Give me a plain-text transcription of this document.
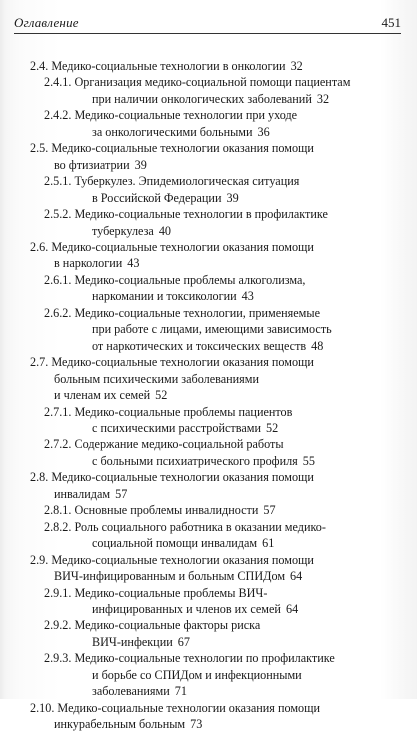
Оглавление	451
2.4. Медико-социальные технологии в онкологии 32
2.4.1. Организация медико-социальной помощи пациентам
при наличии онкологических заболеваний 32
2.4.2. Медико-социальные технологии при уходе
за онкологическими больными 36
2.5. Медико-социальные технологии оказания помощи
во фтизиатрии 39
2.5.1. Туберкулез. Эпидемиологическая ситуация
в Российской Федерации 39
2.5.2. Медико-социальные технологии в профилактике
туберкулеза 40
2.6. Медико-социальные технологии оказания помощи
в наркологии 43
2.6.1. Медико-социальные проблемы алкоголизма,
наркомании и токсикологии 43
2.6.2. Медико-социальные технологии, применяемые
при работе с лицами, имеющими зависимость
от наркотических и токсических веществ 48
2.7. Медико-социальные технологии оказания помощи
больным психическими заболеваниями
и членам их семей 52
2.7.1. Медико-социальные проблемы пациентов
с психическими расстройствами 52
2.7.2. Содержание медико-социальной работы
с больными психиатрического профиля 55
2.8. Медико-социальные технологии оказания помощи
инвалидам 57
2.8.1. Основные проблемы инвалидности 57
2.8.2. Роль социального работника в оказании медико-
социальной помощи инвалидам 61
2.9. Медико-социальные технологии оказания помощи
ВИЧ-инфицированным и больным СПИДом 64
2.9.1. Медико-социальные проблемы ВИЧ-
инфицированных и членов их семей 64
2.9.2. Медико-социальные факторы риска
ВИЧ-инфекции 67
2.9.3. Медико-социальные технологии по профилактике
и борьбе со СПИДом и инфекционными
заболеваниями 71
2.10. Медико-социальные технологии оказания помощи
инкурабельным больным 73
